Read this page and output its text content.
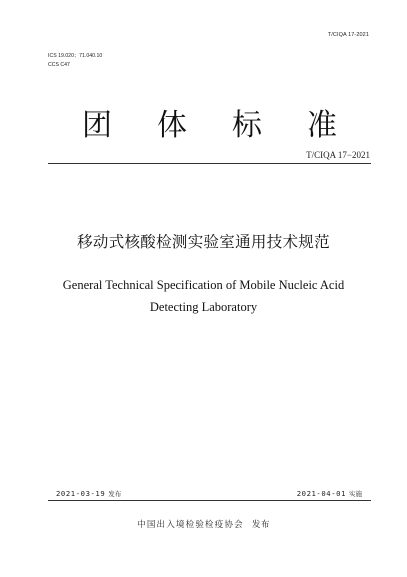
T/CIQA 17-2021
ICS 19.020；71.040.10
CCS C47
团 体 标 准
T/CIQA 17−2021
移动式核酸检测实验室通用技术规范
General Technical Specification of Mobile Nucleic Acid
Detecting Laboratory
2021-03-19 发布	2021-04-01 实施
中国出入境检验检疫协会 发布
